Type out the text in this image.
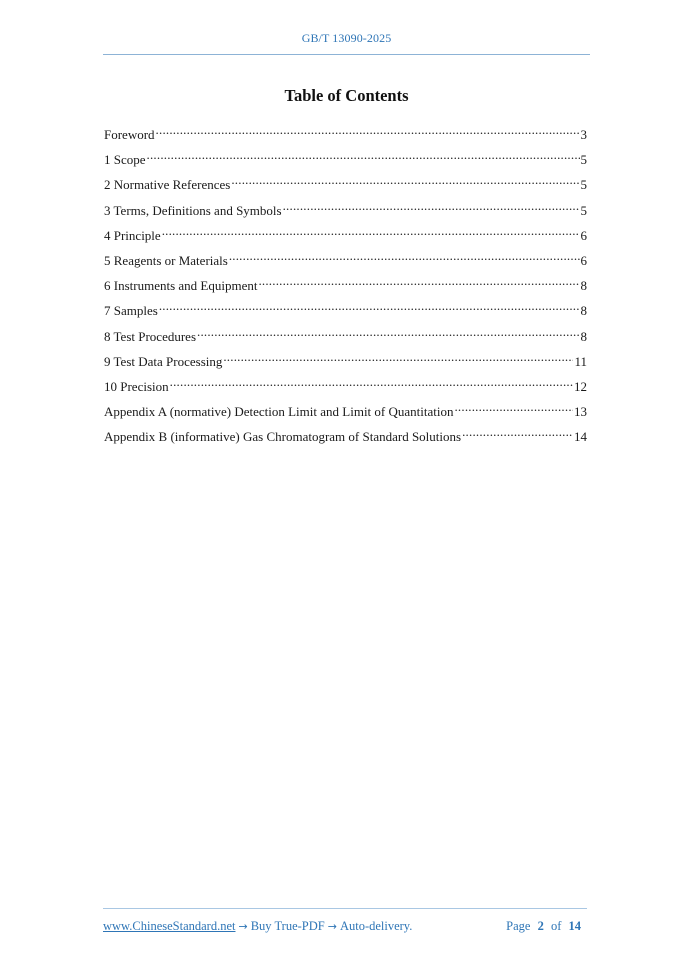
GB/T 13090-2025
Table of Contents
Foreword .....	3
1 Scope .....	5
2 Normative References .....	5
3 Terms, Definitions and Symbols .....	5
4 Principle .....	6
5 Reagents or Materials .....	6
6 Instruments and Equipment .....	8
7 Samples .....	8
8 Test Procedures .....	8
9 Test Data Processing .....	11
10 Precision .....	12
Appendix A (normative) Detection Limit and Limit of Quantitation .....	13
Appendix B (informative) Gas Chromatogram of Standard Solutions .....	14
www.ChineseStandard.net → Buy True-PDF → Auto-delivery.	Page 2 of 14
